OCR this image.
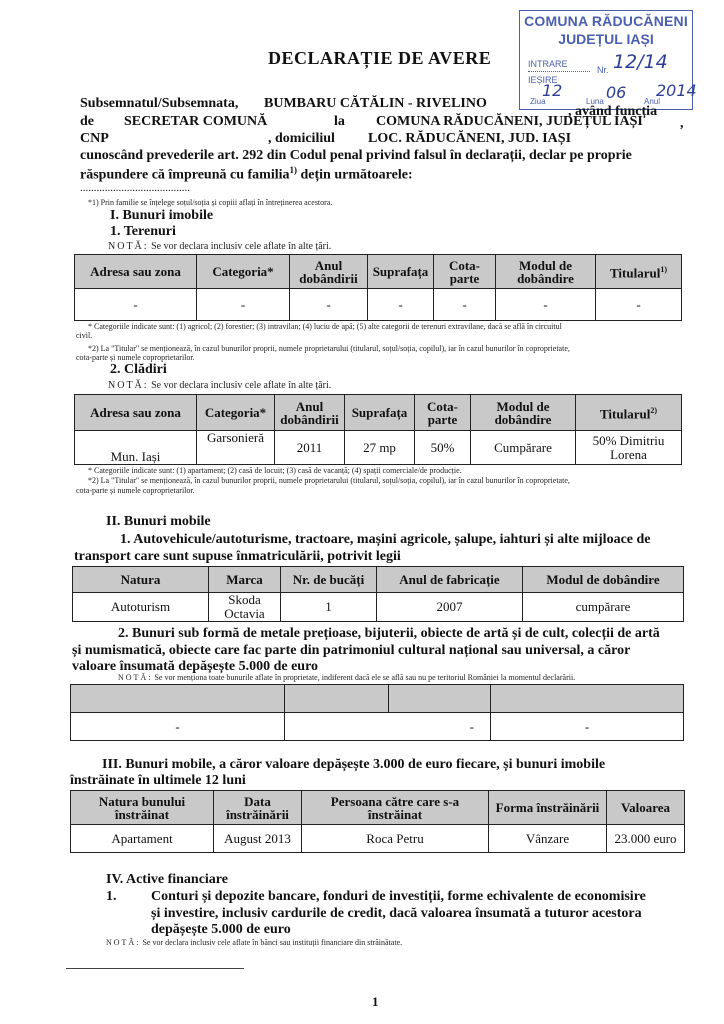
COMUNA RĂDUCĂNENI
JUDEȚUL IAȘI
INTRARE
IEȘIRE
Nr. 12/14
12	06 2014
Ziua	Luna	Anul
DECLARAȚIE DE AVERE
Subsemnatul/Subsemnata, BUMBARU CĂTĂLIN - RIVELINO
, având funcția
de SECRETAR COMUNĂ	la COMUNA RĂDUCĂNENI, JUDEȚUL IAȘI	,
CNP	, domiciliul LOC. RĂDUCĂNENI, JUD. IAȘI
cunoscând prevederile art. 292 din Codul penal privind falsul în declarații, declar pe proprie
răspundere că împreună cu familia$^{1)}$ dețin următoarele:
........................................
*1) Prin familie se înțelege soțul/soția și copiii aflați în întreținerea acestora.
I. Bunuri imobile
1. Terenuri
NOTĂ: Se vor declara inclusiv cele aflate în alte țări.
Adresa sau zona	Categoria*	Anul dobândirii	Suprafața	Cota-parte	Modul de dobândire	Titularul$^{1)}$
-	-	-	-	-	-	-
* Categoriile indicate sunt: (1) agricol; (2) forestier; (3) intravilan; (4) luciu de apă; (5) alte categorii de terenuri extravilane, dacă se află în circuitul
civil.
*2) La "Titular" se menționează, în cazul bunurilor proprii, numele proprietarului (titularul, soțul/soția, copilul), iar în cazul bunurilor în coproprietate,
cota-parte și numele coproprietarilor.
2. Clădiri
NOTĂ: Se vor declara inclusiv cele aflate în alte țări.
Adresa sau zona	Categoria*	Anul dobândirii	Suprafața	Cota-parte	Modul de dobândire	Titularul$^{2)}$
Mun. Iași	Garsonieră	2011	27 mp	50%	Cumpărare	50% Dimitriu Lorena
* Categoriile indicate sunt: (1) apartament; (2) casă de locuit; (3) casă de vacanță; (4) spații comerciale/de producție.
*2) La "Titular" se menționează, în cazul bunurilor proprii, numele proprietarului (titularul, soțul/soția, copilul), iar în cazul bunurilor în coproprietate,
cota-parte și numele coproprietarilor.
II. Bunuri mobile
1. Autovehicule/autoturisme, tractoare, mașini agricole, șalupe, iahturi și alte mijloace de
transport care sunt supuse înmatriculării, potrivit legii
Natura	Marca	Nr. de bucăți	Anul de fabricație	Modul de dobândire
Autoturism	Skoda Octavia	1	2007	cumpărare
2. Bunuri sub formă de metale prețioase, bijuterii, obiecte de artă și de cult, colecții de artă
și numismatică, obiecte care fac parte din patrimoniul cultural național sau universal, a căror
valoare însumată depășește 5.000 de euro
NOTĂ: Se vor menționa toate bunurile aflate în proprietate, indiferent dacă ele se află sau nu pe teritoriul României la momentul declarării.

-	-		-
III. Bunuri mobile, a căror valoare depășește 3.000 de euro fiecare, și bunuri imobile
înstrăinate în ultimele 12 luni
Natura bunului înstrăinat	Data înstrăinării	Persoana către care s-a înstrăinat	Forma înstrăinării	Valoarea
Apartament	August 2013	Roca Petru	Vânzare	23.000 euro
IV. Active financiare
1. Conturi și depozite bancare, fonduri de investiții, forme echivalente de economisire
și investire, inclusiv cardurile de credit, dacă valoarea însumată a tuturor acestora
depășește 5.000 de euro
NOTĂ: Se vor declara inclusiv cele aflate în bănci sau instituții financiare din străinătate.
1
